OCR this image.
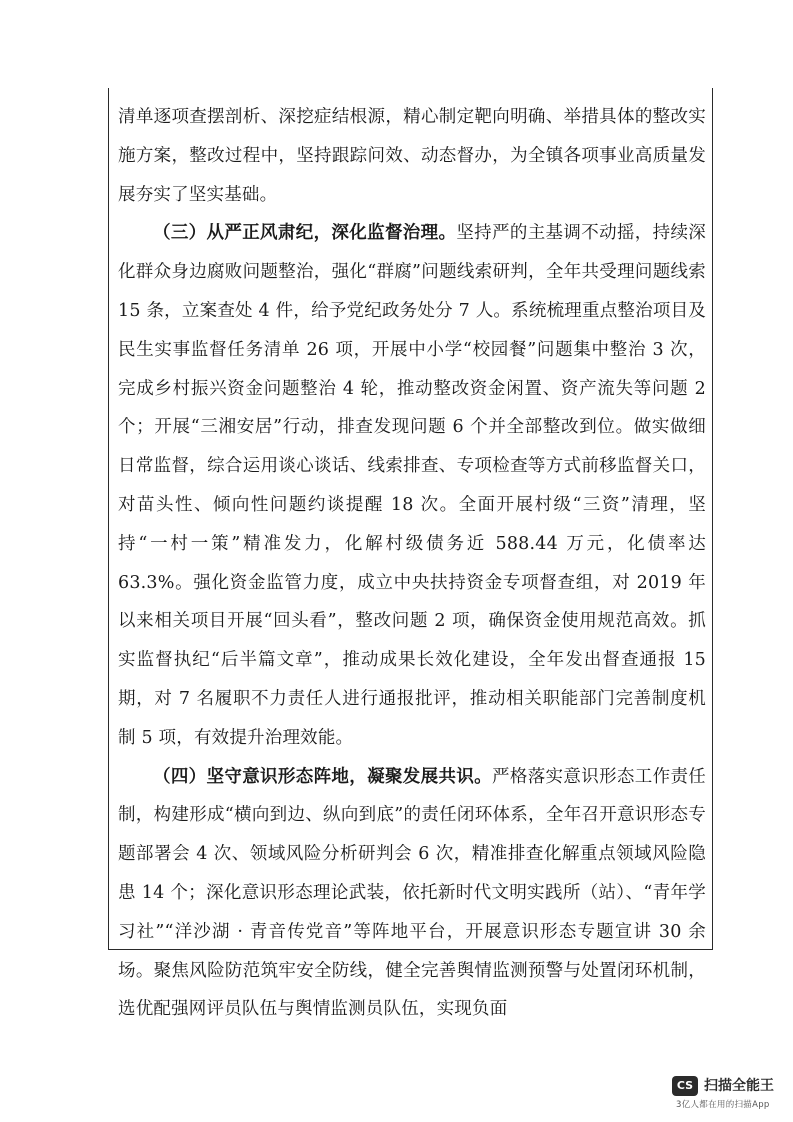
清单逐项查摆剖析、深挖症结根源，精心制定靶向明确、举措具体的整改实施方案，整改过程中，坚持跟踪问效、动态督办，为全镇各项事业高质量发展夯实了坚实基础。

（三）从严正风肃纪，深化监督治理。坚持严的主基调不动摇，持续深化群众身边腐败问题整治，强化“群腐”问题线索研判，全年共受理问题线索 15 条，立案查处 4 件，给予党纪政务处分 7 人。系统梳理重点整治项目及民生实事监督任务清单 26 项，开展中小学“校园餐”问题集中整治 3 次，完成乡村振兴资金问题整治 4 轮，推动整改资金闲置、资产流失等问题 2 个；开展“三湘安居”行动，排查发现问题 6 个并全部整改到位。做实做细日常监督，综合运用谈心谈话、线索排查、专项检查等方式前移监督关口，对苗头性、倾向性问题约谈提醒 18 次。全面开展村级“三资”清理，坚持“一村一策”精准发力，化解村级债务近 588.44 万元，化债率达 63.3%。强化资金监管力度，成立中央扶持资金专项督查组，对 2019 年以来相关项目开展“回头看”，整改问题 2 项，确保资金使用规范高效。抓实监督执纪“后半篇文章”，推动成果长效化建设，全年发出督查通报 15 期，对 7 名履职不力责任人进行通报批评，推动相关职能部门完善制度机制 5 项，有效提升治理效能。

（四）坚守意识形态阵地，凝聚发展共识。严格落实意识形态工作责任制，构建形成“横向到边、纵向到底”的责任闭环体系，全年召开意识形态专题部署会 4 次、领域风险分析研判会 6 次，精准排查化解重点领域风险隐患 14 个；深化意识形态理论武装，依托新时代文明实践所（站）、“青年学习社”“洋沙湖 · 青音传党音”等阵地平台，开展意识形态专题宣讲 30 余场。聚焦风险防范筑牢安全防线，健全完善舆情监测预警与处置闭环机制，选优配强网评员队伍与舆情监测员队伍，实现负面

CS 扫描全能王
3亿人都在用的扫描App
